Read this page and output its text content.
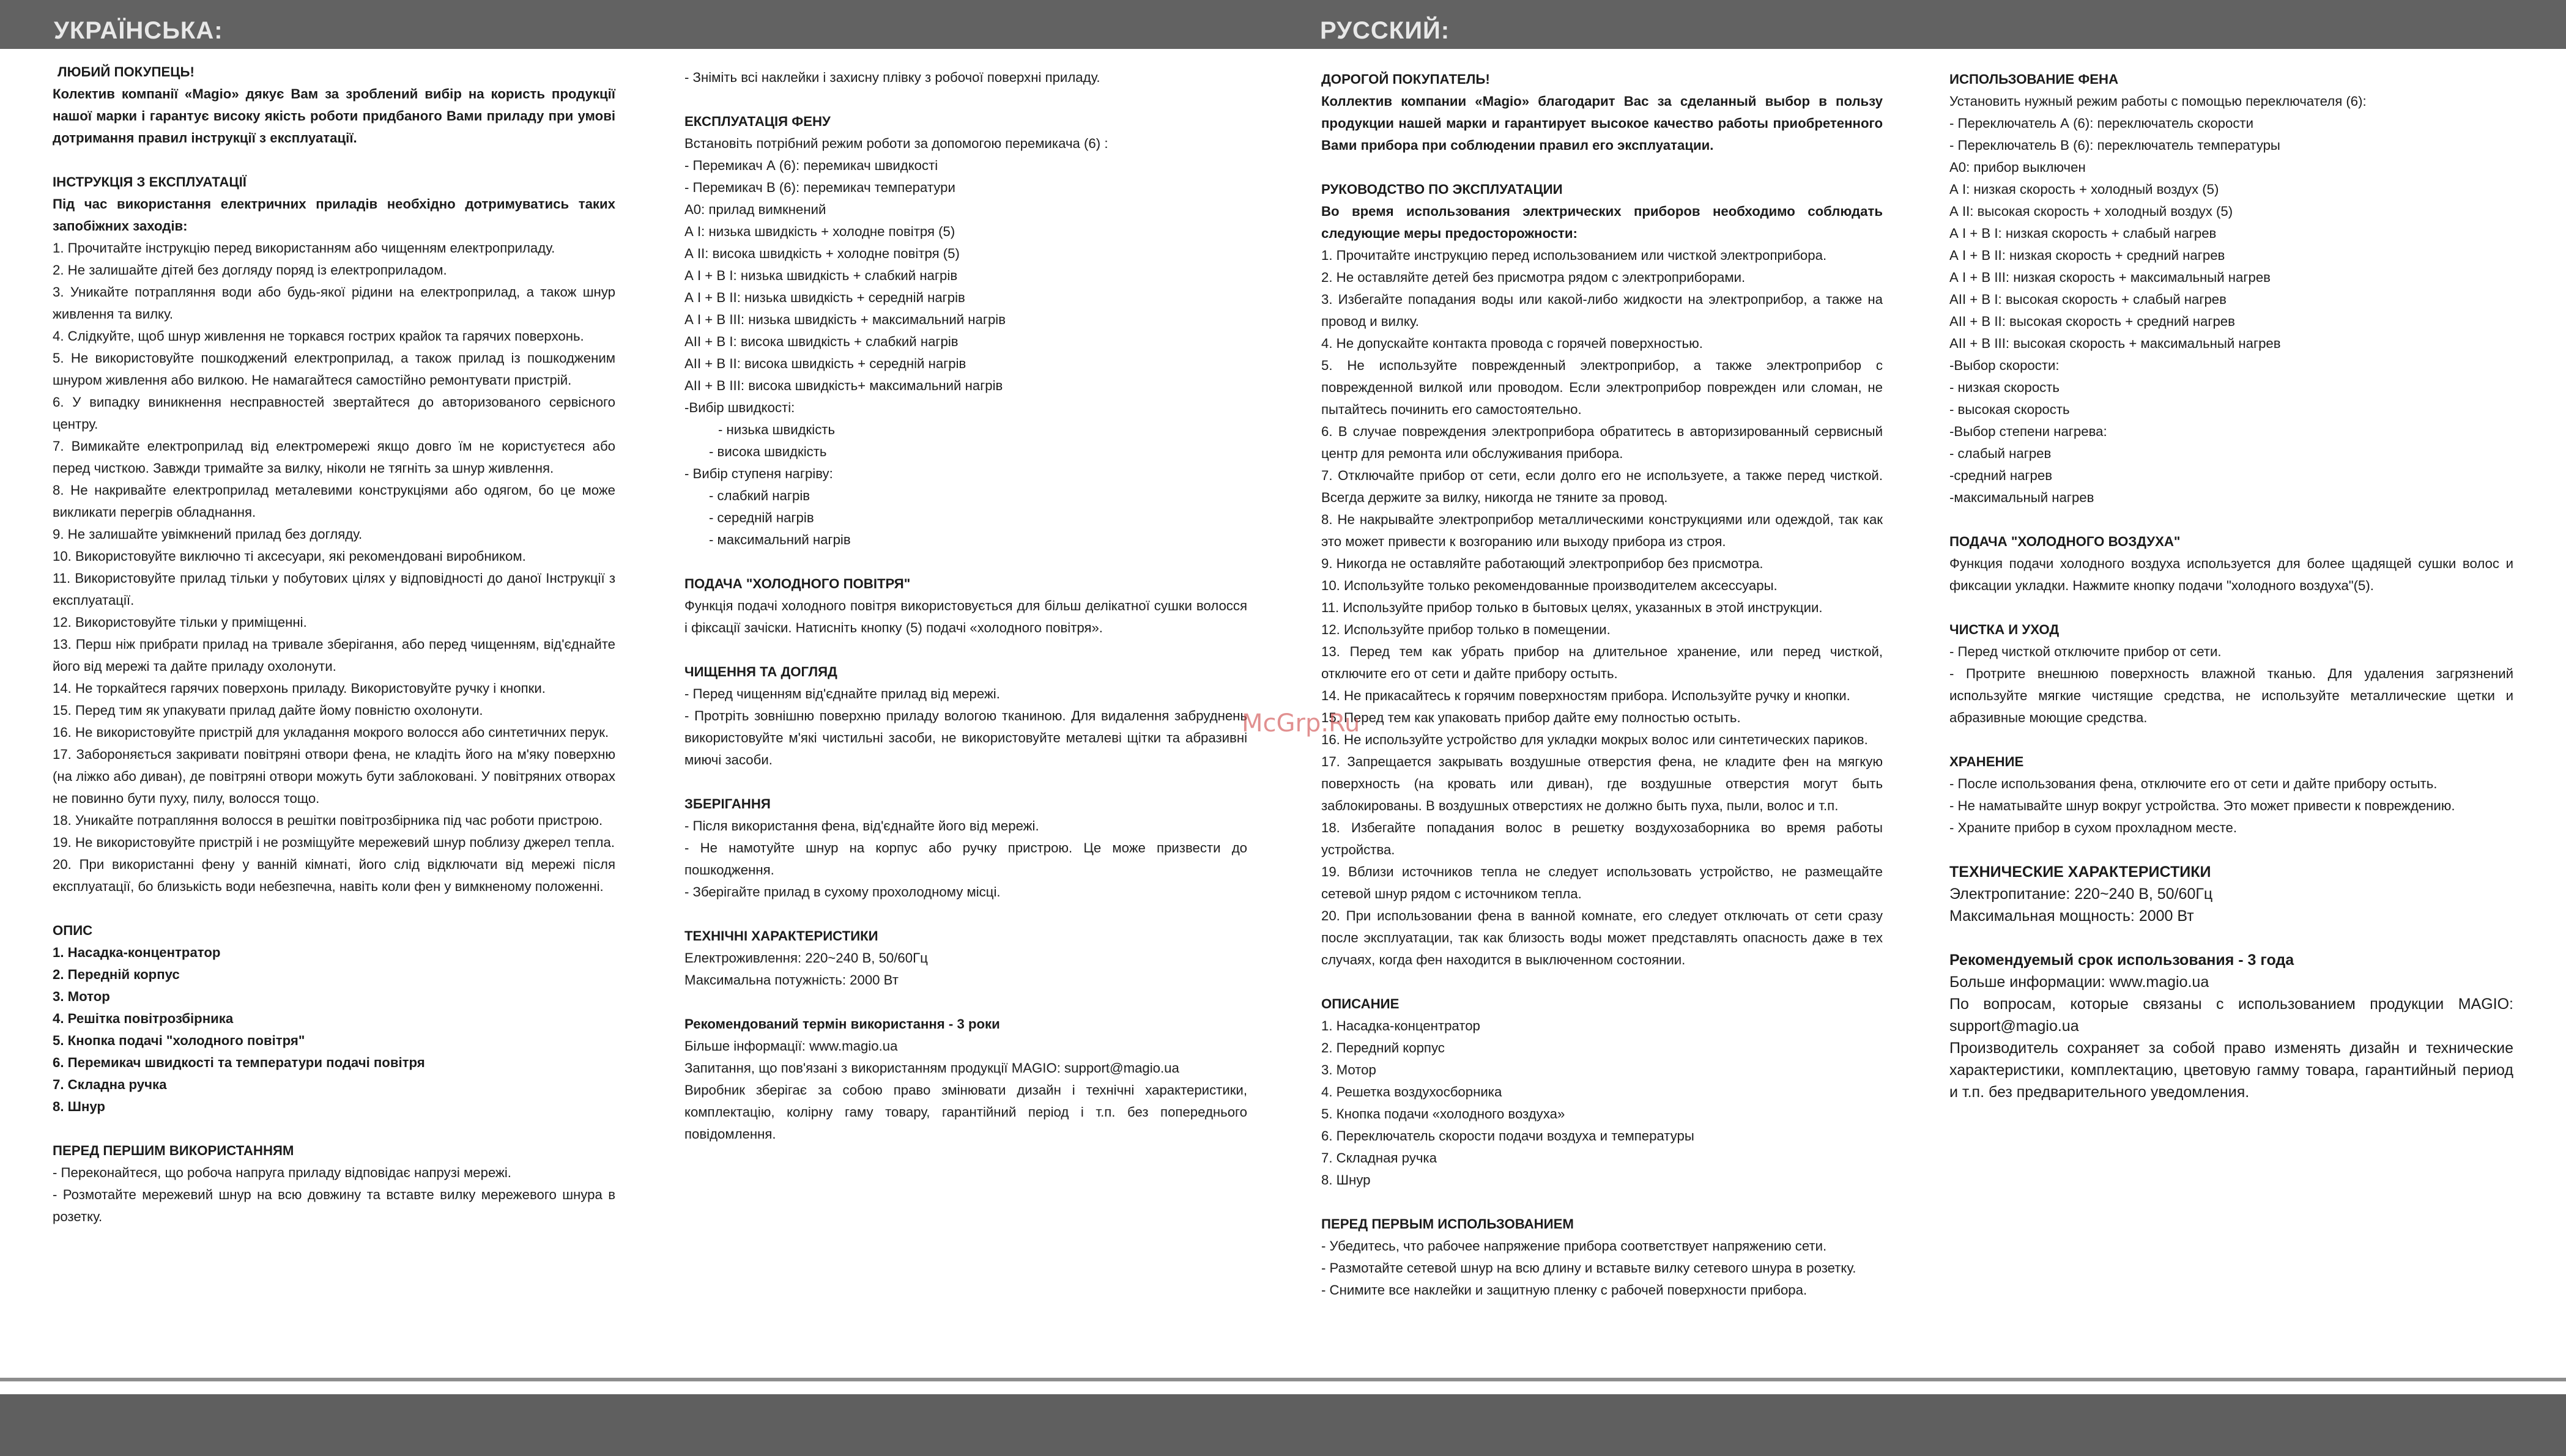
УКРАЇНСЬКА:	РУССКИЙ:

ЛЮБИЙ ПОКУПЕЦЬ!

Колектив компанії «Magio» дякує Вам за зроблений вибір на користь продукції нашої марки і гарантує високу якість роботи придбаного Вами приладу при умові дотримання правил інструкції з експлуатації.

ІНСТРУКЦІЯ З ЕКСПЛУАТАЦІЇ

Під час використання електричних приладів необхідно дотримуватись таких запобіжних заходів:

1. Прочитайте інструкцію перед використанням або чищенням електроприладу.

2. Не залишайте дітей без догляду поряд із електроприладом.

3. Уникайте потрапляння води або будь-якої рідини на електроприлад, а також шнур живлення та вилку.

4. Слідкуйте, щоб шнур живлення не торкався гострих крайок та гарячих поверхонь.

5. Не використовуйте пошкоджений електроприлад, а також прилад із пошкодженим шнуром живлення або вилкою. Не намагайтеся самостійно ремонтувати пристрій.

6. У випадку виникнення несправностей звертайтеся до авторизованого сервісного центру.

7. Вимикайте електроприлад від електромережі якщо довго їм не користуєтеся або перед чисткою. Завжди тримайте за вилку, ніколи не тягніть за шнур живлення.

8. Не накривайте електроприлад металевими конструкціями або одягом, бо це може викликати перегрів обладнання.

9. Не залишайте увімкнений прилад без догляду.

10. Використовуйте виключно ті аксесуари, які рекомендовані виробником.

11. Використовуйте прилад тільки у побутових цілях у відповідності до даної Інструкції з експлуатації.

12. Використовуйте тільки у приміщенні.

13. Перш ніж прибрати прилад на тривале зберігання, або перед чищенням, від'єднайте його від мережі та дайте приладу охолонути.

14. Не торкайтеся гарячих поверхонь приладу. Використовуйте ручку і кнопки.

15. Перед тим як упакувати прилад дайте йому повністю охолонути.

16. Не використовуйте пристрій для укладання мокрого волосся або синтетичних перук.

17. Забороняється закривати повітряні отвори фена, не кладіть його на м'яку поверхню (на ліжко або диван), де повітряні отвори можуть бути заблоковані. У повітряних отворах не повинно бути пуху, пилу, волосся тощо.

18. Уникайте потрапляння волосся в решітки повітрозбірника під час роботи пристрою.

19. Не використовуйте пристрій і не розміщуйте мережевий шнур поблизу джерел тепла.

20. При використанні фену у ванній кімнаті, його слід відключати від мережі після експлуатації, бо близькість води небезпечна, навіть коли фен у вимкненому положенні.

ОПИС

1. Насадка-концентратор

2. Передній корпус

3. Мотор

4. Решітка повітрозбірника

5. Кнопка подачі "холодного повітря"

6. Перемикач швидкості та температури подачі повітря

7. Складна ручка

8. Шнур

ПЕРЕД ПЕРШИМ ВИКОРИСТАННЯМ

- Переконайтеся, що робоча напруга приладу відповідає напрузі мережі.

- Розмотайте мережевий шнур на всю довжину та вставте вилку мережевого шнура в розетку.

- Зніміть всі наклейки і захисну плівку з робочої поверхні приладу.

ЕКСПЛУАТАЦІЯ ФЕНУ

Встановіть потрібний режим роботи за допомогою перемикача (6) :

- Перемикач А (6): перемикач швидкості

- Перемикач В (6): перемикач температури

А0: прилад вимкнений

А I: низька швидкість + холодне повітря (5)

А II: висока швидкість + холодне повітря (5)

А I + В I: низька швидкість + слабкий нагрів

А I + В II: низька швидкість + середній нагрів

А I + В III: низька швидкість + максимальний нагрів

АII + В I: висока швидкість + слабкий нагрів

АII + В II: висока швидкість + середній нагрів

АII + В III: висока швидкість+ максимальний нагрів

-Вибір швидкості:

- низька швидкість

- висока швидкість

- Вибір ступеня нагріву:

- слабкий нагрів

- середній нагрів

- максимальний нагрів

ПОДАЧА "ХОЛОДНОГО ПОВІТРЯ"

Функція подачі холодного повітря використовується для більш делікатної сушки волосся і фіксації зачіски. Натисніть кнопку (5) подачі «холодного повітря».

ЧИЩЕННЯ ТА ДОГЛЯД

- Перед чищенням від'єднайте прилад від мережі.

- Протріть зовнішню поверхню приладу вологою тканиною. Для видалення забруднень використовуйте м'які чистильні засоби, не використовуйте металеві щітки та абразивні миючі засоби.

ЗБЕРІГАННЯ

- Після використання фена, від'єднайте його від мережі.

- Не намотуйте шнур на корпус або ручку пристрою. Це може призвести до пошкодження.

- Зберігайте прилад в сухому прохолодному місці.

ТЕХНІЧНІ ХАРАКТЕРИСТИКИ

Електроживлення: 220~240 В, 50/60Гц

Максимальна потужність: 2000 Вт

Рекомендований термін використання - 3 роки

Більше інформації: www.magio.ua

Запитання, що пов'язані з використанням продукції MAGIO: support@magio.ua

Виробник зберігає за собою право змінювати дизайн і технічні характеристики, комплектацію, колірну гаму товару, гарантійний період і т.п. без попереднього повідомлення.

ДОРОГОЙ ПОКУПАТЕЛЬ!

Коллектив компании «Magio» благодарит Вас за сделанный выбор в пользу продукции нашей марки и гарантирует высокое качество работы приобретенного Вами прибора при соблюдении правил его эксплуатации.

РУКОВОДСТВО ПО ЭКСПЛУАТАЦИИ

Во время использования электрических приборов необходимо соблюдать следующие меры предосторожности:

1. Прочитайте инструкцию перед использованием или чисткой электроприбора.

2. Не оставляйте детей без присмотра рядом с электроприборами.

3. Избегайте попадания воды или какой-либо жидкости на электроприбор, а также на провод и вилку.

4. Не допускайте контакта провода с горячей поверхностью.

5. Не используйте поврежденный электроприбор, а также электроприбор с поврежденной вилкой или проводом. Если электроприбор поврежден или сломан, не пытайтесь починить его самостоятельно.

6. В случае повреждения электроприбора обратитесь в авторизированный сервисный центр для ремонта или обслуживания прибора.

7. Отключайте прибор от сети, если долго его не используете, а также перед чисткой. Всегда держите за вилку, никогда не тяните за провод.

8. Не накрывайте электроприбор металлическими конструкциями или одеждой, так как это может привести к возгоранию или выходу прибора из строя.

9. Никогда не оставляйте работающий электроприбор без присмотра.

10. Используйте только рекомендованные производителем аксессуары.

11. Используйте прибор только в бытовых целях, указанных в этой инструкции.

12. Используйте прибор только в помещении.

13. Перед тем как убрать прибор на длительное хранение, или перед чисткой, отключите его от сети и дайте прибору остыть.

14. Не прикасайтесь к горячим поверхностям прибора. Используйте ручку и кнопки.

15. Перед тем как упаковать прибор дайте ему полностью остыть.

16. Не используйте устройство для укладки мокрых волос или синтетических париков.

17. Запрещается закрывать воздушные отверстия фена, не кладите фен на мягкую поверхность (на кровать или диван), где воздушные отверстия могут быть заблокированы. В воздушных отверстиях не должно быть пуха, пыли, волос и т.п.

18. Избегайте попадания волос в решетку воздухозаборника во время работы устройства.

19. Вблизи источников тепла не следует использовать устройство, не размещайте сетевой шнур рядом с источником тепла.

20. При использовании фена в ванной комнате, его следует отключать от сети сразу после эксплуатации, так как близость воды может представлять опасность даже в тех случаях, когда фен находится в выключенном состоянии.

ОПИСАНИЕ

1. Насадка-концентратор

2. Передний корпус

3. Мотор

4. Решетка воздухосборника

5. Кнопка подачи «холодного воздуха»

6. Переключатель скорости подачи воздуха и температуры

7. Складная ручка

8. Шнур

ПЕРЕД ПЕРВЫМ ИСПОЛЬЗОВАНИЕМ

- Убедитесь, что рабочее напряжение прибора соответствует напряжению сети.

- Размотайте сетевой шнур на всю длину и вставьте вилку сетевого шнура в розетку.

- Снимите все наклейки и защитную пленку с рабочей поверхности прибора.

ИСПОЛЬЗОВАНИЕ ФЕНА

Установить нужный режим работы с помощью переключателя (6):

- Переключатель А (6): переключатель скорости

- Переключатель В (6): переключатель температуры

А0: прибор выключен

А I: низкая скорость + холодный воздух (5)

А II: высокая скорость + холодный воздух (5)

А I + В I: низкая скорость + слабый нагрев

А I + В II: низкая скорость + средний нагрев

А I + В III: низкая скорость + максимальный нагрев

АII + В I: высокая скорость + слабый нагрев

АII + В II: высокая скорость + средний нагрев

АII + В III: высокая скорость + максимальный нагрев

-Выбор скорости:

- низкая скорость

- высокая скорость

-Выбор степени нагрева:

- слабый нагрев

-средний нагрев

-максимальный нагрев

ПОДАЧА "ХОЛОДНОГО ВОЗДУХА"

Функция подачи холодного воздуха используется для более щадящей сушки волос и фиксации укладки. Нажмите кнопку подачи "холодного воздуха"(5).

ЧИСТКА И УХОД

- Перед чисткой отключите прибор от сети.

- Протрите внешнюю поверхность влажной тканью. Для удаления загрязнений используйте мягкие чистящие средства, не используйте металлические щетки и абразивные моющие средства.

ХРАНЕНИЕ

- После использования фена, отключите его от сети и дайте прибору остыть.

- Не наматывайте шнур вокруг устройства. Это может привести к повреждению.

- Храните прибор в сухом прохладном месте.

ТЕХНИЧЕСКИЕ ХАРАКТЕРИСТИКИ

Электропитание: 220~240 В, 50/60Гц

Максимальная мощность: 2000 Вт

Рекомендуемый срок использования - 3 года

Больше информации: www.magio.ua

По вопросам, которые связаны с использованием продукции MAGIO: support@magio.ua

Производитель сохраняет за собой право изменять дизайн и технические характеристики, комплектацию, цветовую гамму товара, гарантийный период и т.п. без предварительного уведомления.

McGrp.Ru
